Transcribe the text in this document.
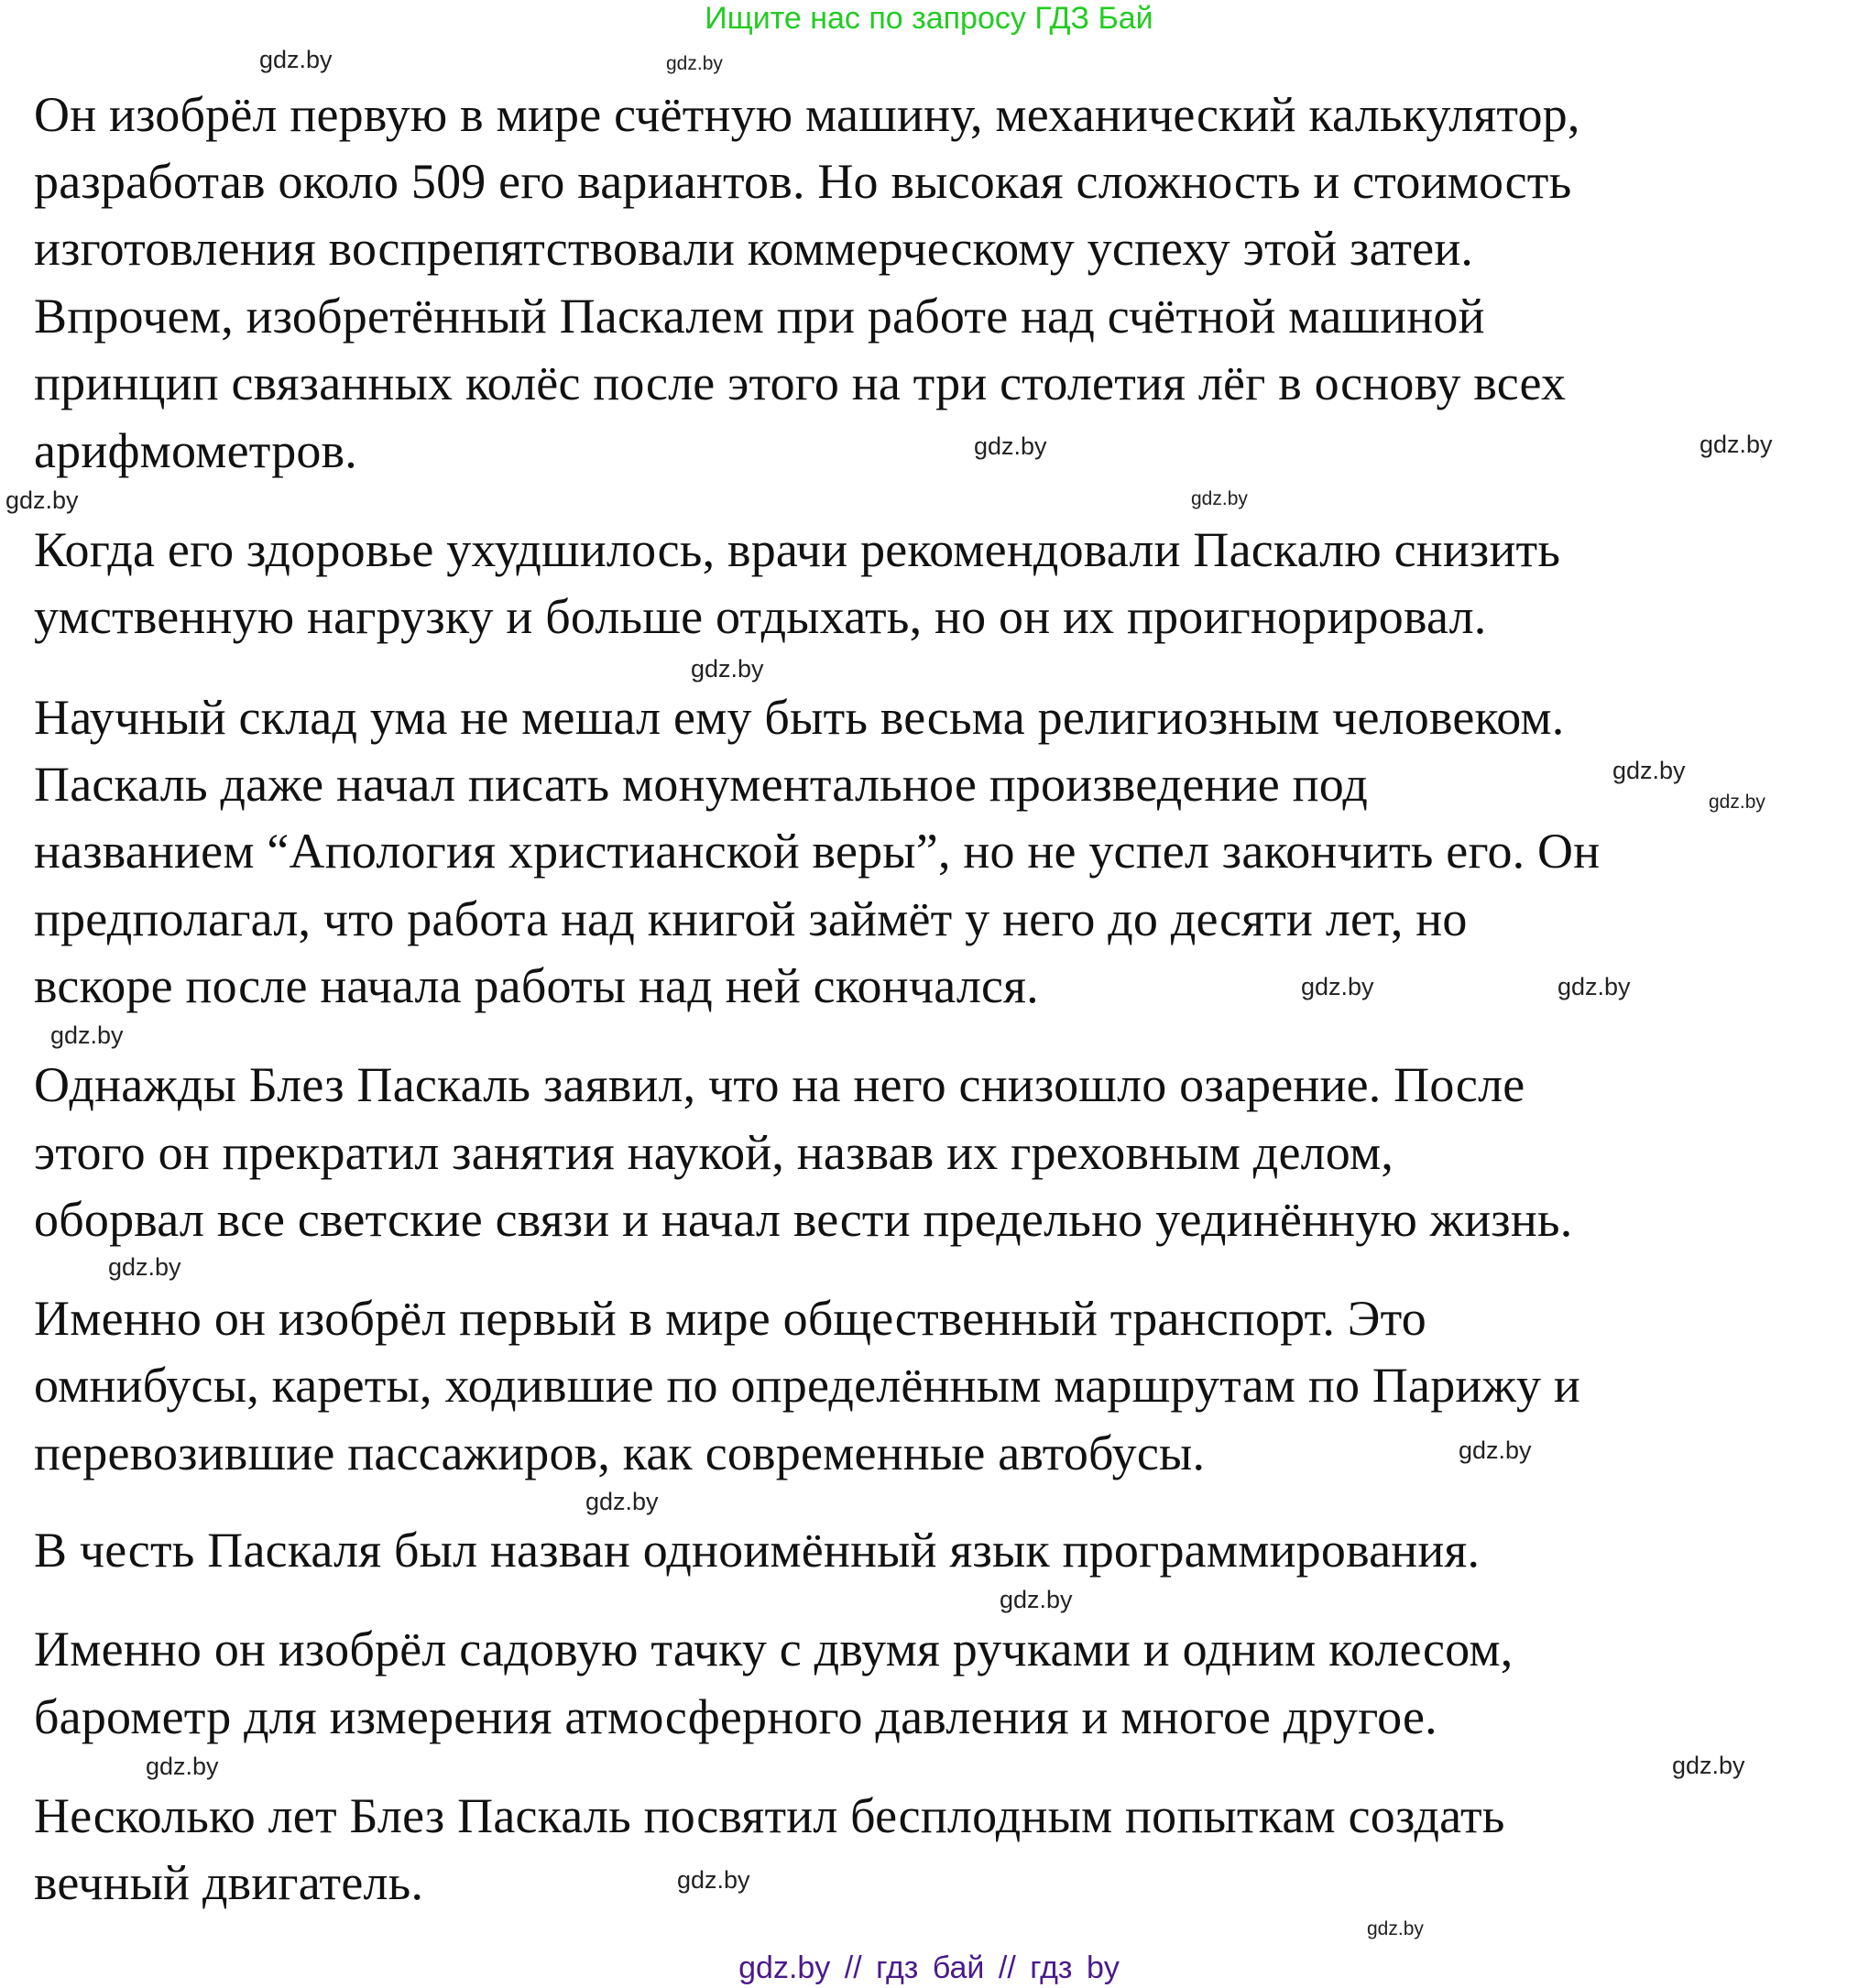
Ищите нас по запросу ГДЗ Бай
Он изобрёл первую в мире счётную машину, механический калькулятор,
разработав около 509 его вариантов. Но высокая сложность и стоимость
изготовления воспрепятствовали коммерческому успеху этой затеи.
Впрочем, изобретённый Паскалем при работе над счётной машиной
принцип связанных колёс после этого на три столетия лёг в основу всех
арифмометров.
Когда его здоровье ухудшилось, врачи рекомендовали Паскалю снизить
умственную нагрузку и больше отдыхать, но он их проигнорировал.
Научный склад ума не мешал ему быть весьма религиозным человеком.
Паскаль даже начал писать монументальное произведение под
названием “Апология христианской веры”, но не успел закончить его. Он
предполагал, что работа над книгой займёт у него до десяти лет, но
вскоре после начала работы над ней скончался.
Однажды Блез Паскаль заявил, что на него снизошло озарение. После
этого он прекратил занятия наукой, назвав их греховным делом,
оборвал все светские связи и начал вести предельно уединённую жизнь.
Именно он изобрёл первый в мире общественный транспорт. Это
омнибусы, кареты, ходившие по определённым маршрутам по Парижу и
перевозившие пассажиров, как современные автобусы.
В честь Паскаля был назван одноимённый язык программирования.
Именно он изобрёл садовую тачку с двумя ручками и одним колесом,
барометр для измерения атмосферного давления и многое другое.
Несколько лет Блез Паскаль посвятил бесплодным попыткам создать
вечный двигатель.
gdz.by	gdz.by
gdz.by
gdz.by
gdz.by
gdz.by
gdz.by
gdz.by
gdz.by
gdz.by
gdz.by
gdz.by
gdz.by
gdz.by
gdz.by
gdz.by
gdz.by
gdz.by
gdz.by
gdz.by
gdz.by // гдз бай // гдз by
